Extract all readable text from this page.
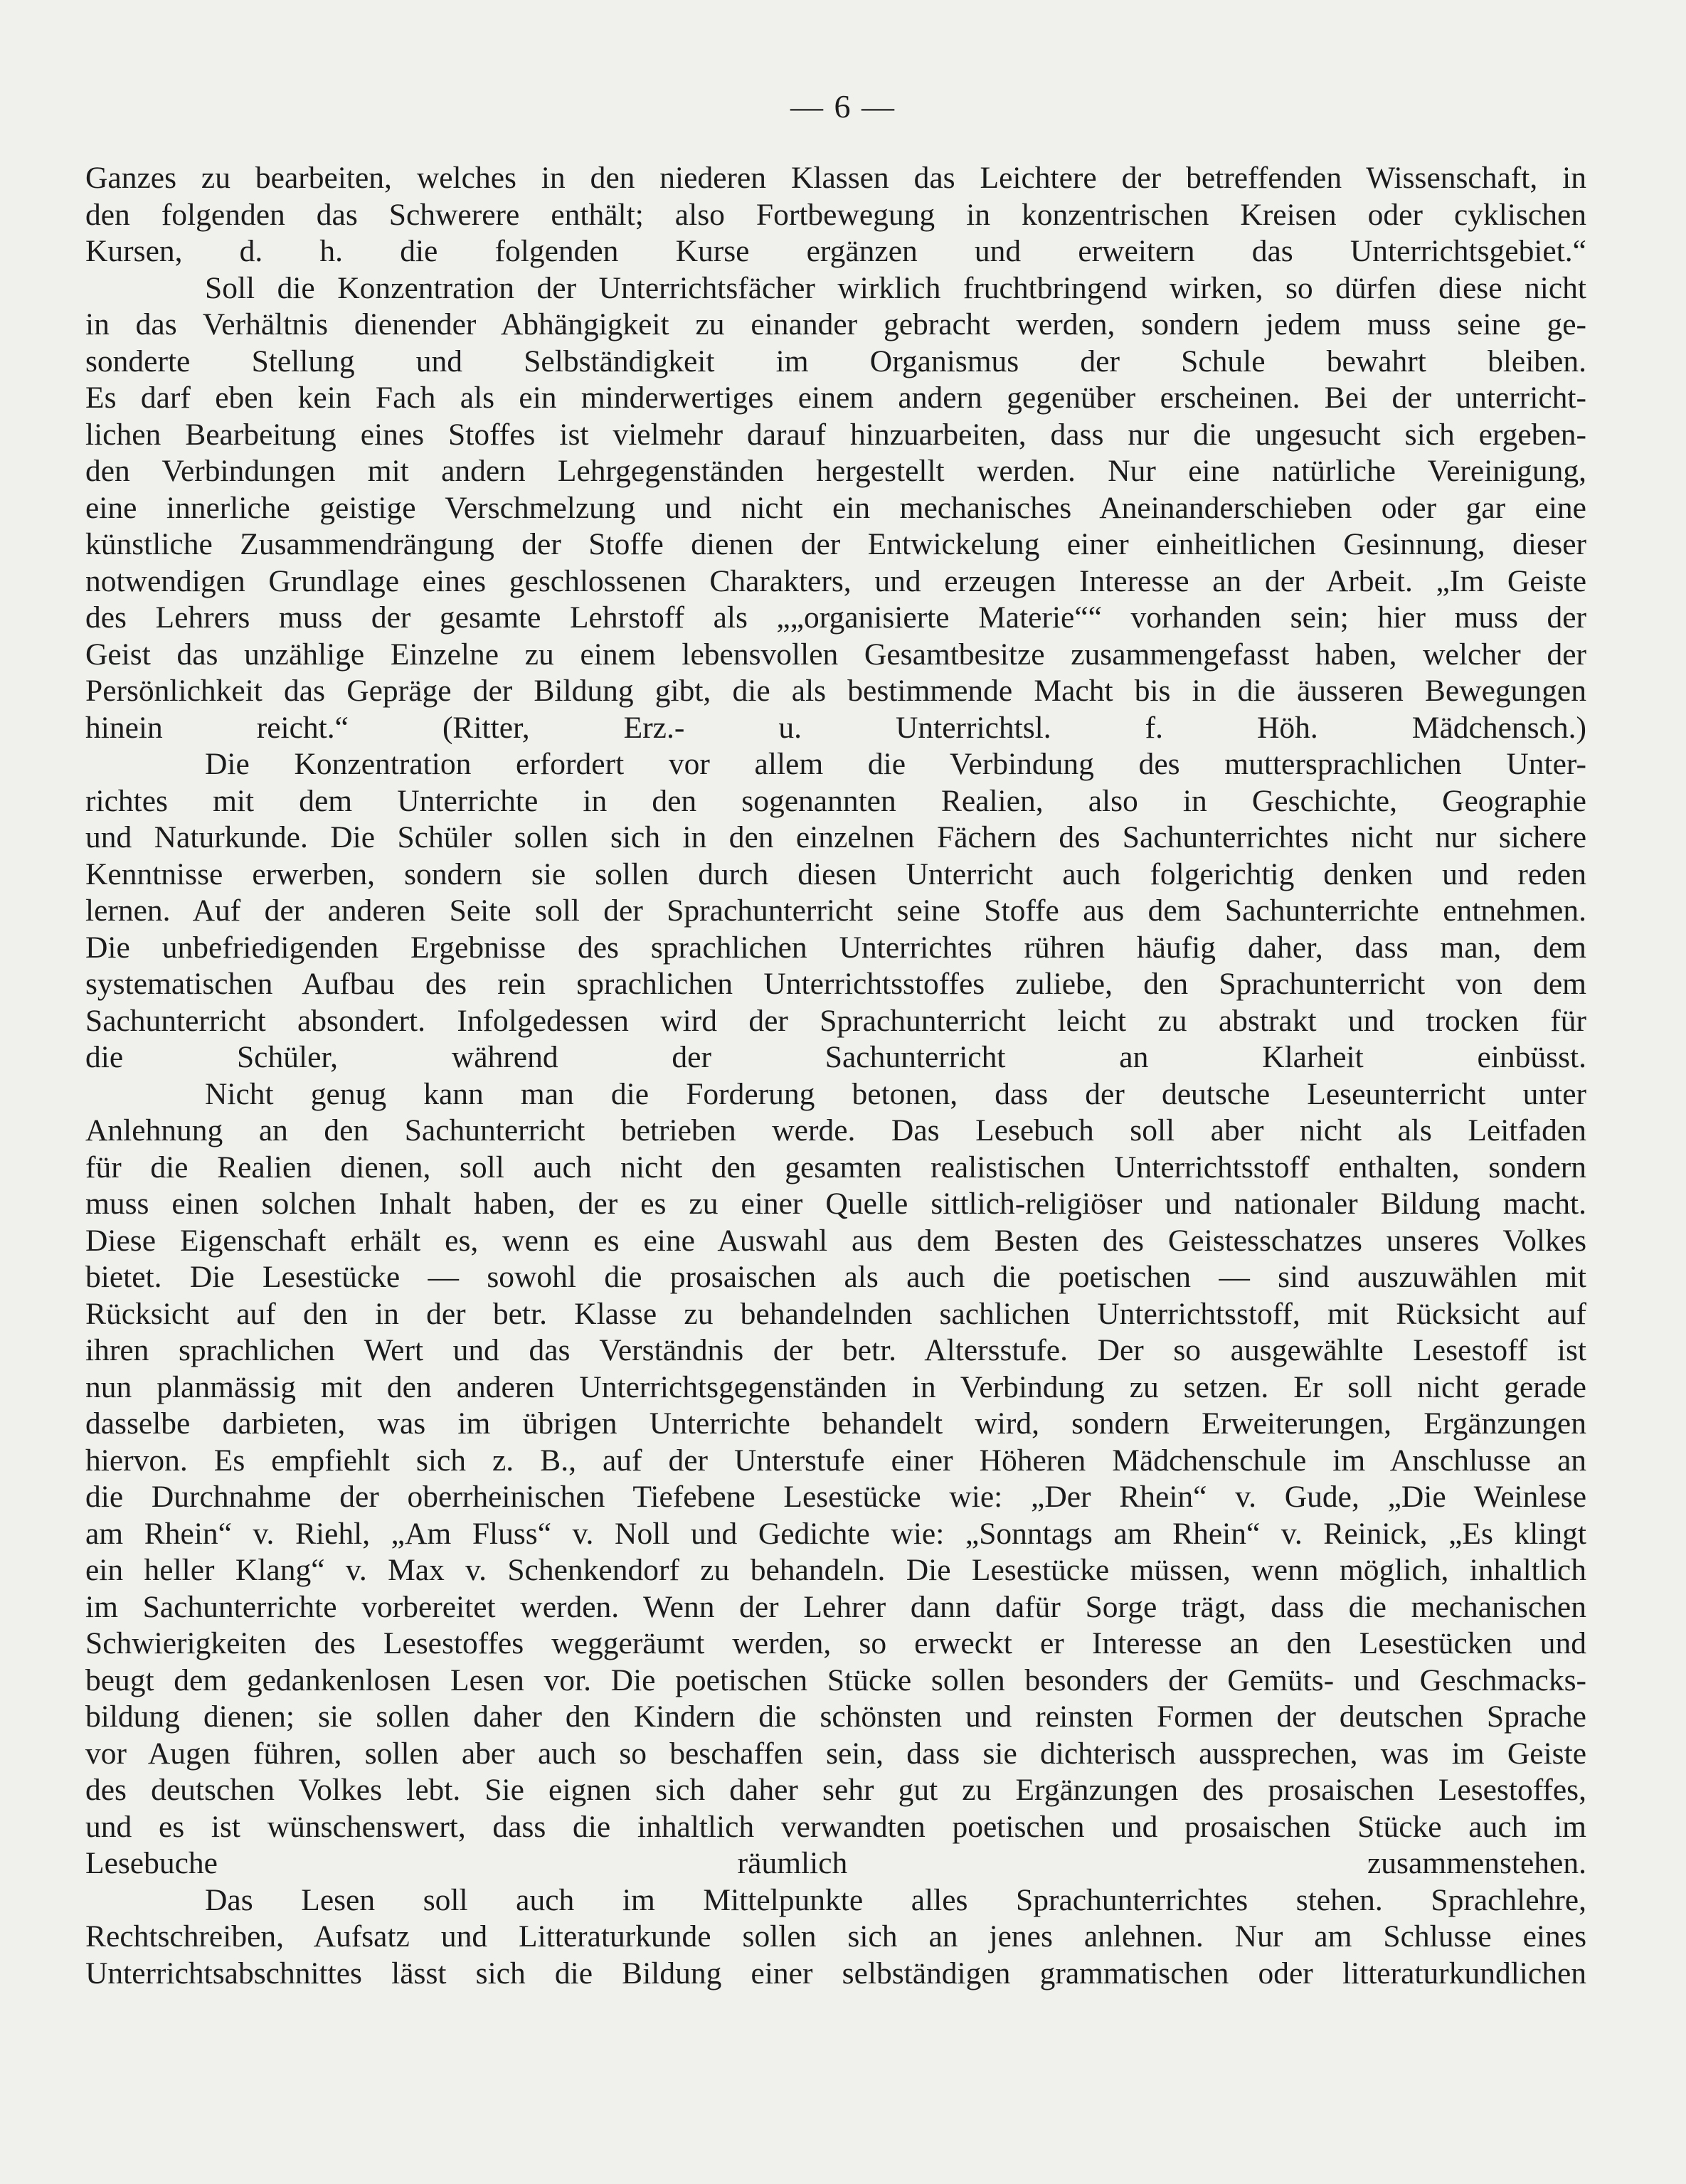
— 6 —

Ganzes zu bearbeiten, welches in den niederen Klassen das Leichtere der betreffenden Wissenschaft, in
den folgenden das Schwerere enthält; also Fortbewegung in konzentrischen Kreisen oder cyklischen
Kursen, d. h. die folgenden Kurse ergänzen und erweitern das Unterrichtsgebiet.“

Soll die Konzentration der Unterrichtsfächer wirklich fruchtbringend wirken, so dürfen diese nicht
in das Verhältnis dienender Abhängigkeit zu einander gebracht werden, sondern jedem muss seine ge-
sonderte Stellung und Selbständigkeit im Organismus der Schule bewahrt bleiben.
Es darf eben kein Fach als ein minderwertiges einem andern gegenüber erscheinen. Bei der unterricht-
lichen Bearbeitung eines Stoffes ist vielmehr darauf hinzuarbeiten, dass nur die ungesucht sich ergeben-
den Verbindungen mit andern Lehrgegenständen hergestellt werden. Nur eine natürliche Vereinigung,
eine innerliche geistige Verschmelzung und nicht ein mechanisches Aneinanderschieben oder gar eine
künstliche Zusammendrängung der Stoffe dienen der Entwickelung einer einheitlichen Gesinnung, dieser
notwendigen Grundlage eines geschlossenen Charakters, und erzeugen Interesse an der Arbeit. „Im Geiste
des Lehrers muss der gesamte Lehrstoff als „„organisierte Materie““ vorhanden sein; hier muss der
Geist das unzählige Einzelne zu einem lebensvollen Gesamtbesitze zusammengefasst haben, welcher der
Persönlichkeit das Gepräge der Bildung gibt, die als bestimmende Macht bis in die äusseren Bewegungen
hinein reicht.“ (Ritter, Erz.- u. Unterrichtsl. f. Höh. Mädchensch.)

Die Konzentration erfordert vor allem die Verbindung des muttersprachlichen Unter-
richtes mit dem Unterrichte in den sogenannten Realien, also in Geschichte, Geographie
und Naturkunde. Die Schüler sollen sich in den einzelnen Fächern des Sachunterrichtes nicht nur sichere
Kenntnisse erwerben, sondern sie sollen durch diesen Unterricht auch folgerichtig denken und reden
lernen. Auf der anderen Seite soll der Sprachunterricht seine Stoffe aus dem Sachunterrichte entnehmen.
Die unbefriedigenden Ergebnisse des sprachlichen Unterrichtes rühren häufig daher, dass man, dem
systematischen Aufbau des rein sprachlichen Unterrichtsstoffes zuliebe, den Sprachunterricht von dem
Sachunterricht absondert. Infolgedessen wird der Sprachunterricht leicht zu abstrakt und trocken für
die Schüler, während der Sachunterricht an Klarheit einbüsst.

Nicht genug kann man die Forderung betonen, dass der deutsche Leseunterricht unter
Anlehnung an den Sachunterricht betrieben werde. Das Lesebuch soll aber nicht als Leitfaden
für die Realien dienen, soll auch nicht den gesamten realistischen Unterrichtsstoff enthalten, sondern
muss einen solchen Inhalt haben, der es zu einer Quelle sittlich-religiöser und nationaler Bildung macht.
Diese Eigenschaft erhält es, wenn es eine Auswahl aus dem Besten des Geistesschatzes unseres Volkes
bietet. Die Lesestücke — sowohl die prosaischen als auch die poetischen — sind auszuwählen mit
Rücksicht auf den in der betr. Klasse zu behandelnden sachlichen Unterrichtsstoff, mit Rücksicht auf
ihren sprachlichen Wert und das Verständnis der betr. Altersstufe. Der so ausgewählte Lesestoff ist
nun planmässig mit den anderen Unterrichtsgegenständen in Verbindung zu setzen. Er soll nicht gerade
dasselbe darbieten, was im übrigen Unterrichte behandelt wird, sondern Erweiterungen, Ergänzungen
hiervon. Es empfiehlt sich z. B., auf der Unterstufe einer Höheren Mädchenschule im Anschlusse an
die Durchnahme der oberrheinischen Tiefebene Lesestücke wie: „Der Rhein“ v. Gude, „Die Weinlese
am Rhein“ v. Riehl, „Am Fluss“ v. Noll und Gedichte wie: „Sonntags am Rhein“ v. Reinick, „Es klingt
ein heller Klang“ v. Max v. Schenkendorf zu behandeln. Die Lesestücke müssen, wenn möglich, inhaltlich
im Sachunterrichte vorbereitet werden. Wenn der Lehrer dann dafür Sorge trägt, dass die mechanischen
Schwierigkeiten des Lesestoffes weggeräumt werden, so erweckt er Interesse an den Lesestücken und
beugt dem gedankenlosen Lesen vor. Die poetischen Stücke sollen besonders der Gemüts- und Geschmacks-
bildung dienen; sie sollen daher den Kindern die schönsten und reinsten Formen der deutschen Sprache
vor Augen führen, sollen aber auch so beschaffen sein, dass sie dichterisch aussprechen, was im Geiste
des deutschen Volkes lebt. Sie eignen sich daher sehr gut zu Ergänzungen des prosaischen Lesestoffes,
und es ist wünschenswert, dass die inhaltlich verwandten poetischen und prosaischen Stücke auch im
Lesebuche räumlich zusammenstehen.

Das Lesen soll auch im Mittelpunkte alles Sprachunterrichtes stehen. Sprachlehre,
Rechtschreiben, Aufsatz und Litteraturkunde sollen sich an jenes anlehnen. Nur am Schlusse eines
Unterrichtsabschnittes lässt sich die Bildung einer selbständigen grammatischen oder litteraturkundlichen
